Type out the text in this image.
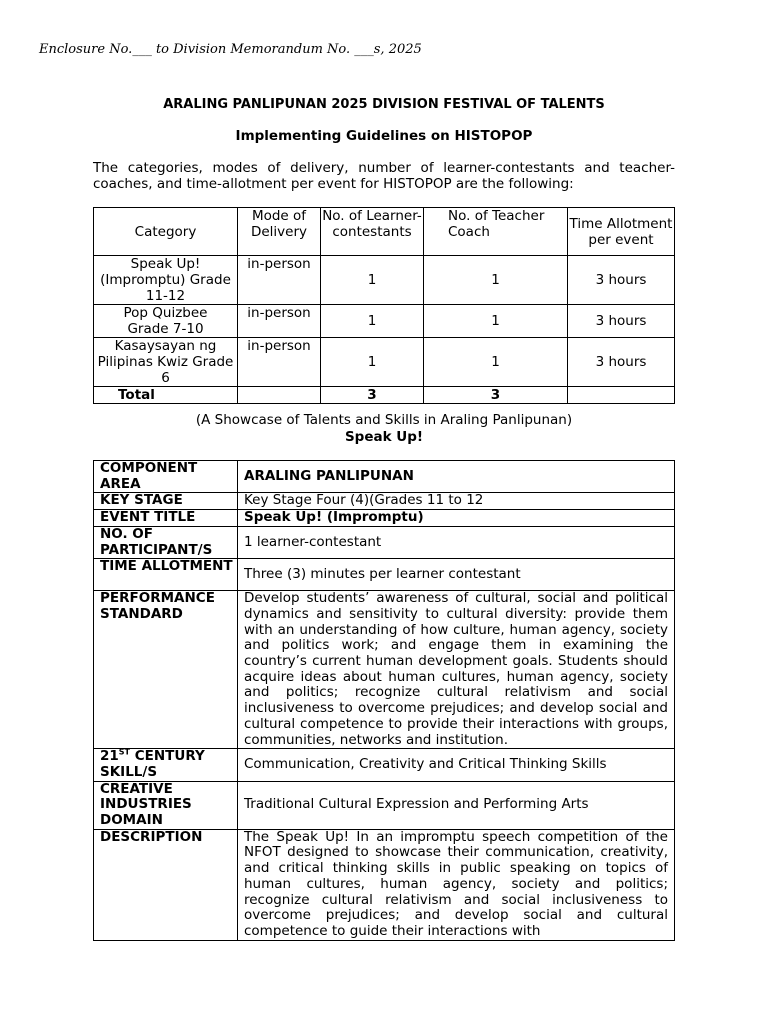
Enclosure No.___ to Division Memorandum No. ___s, 2025
ARALING PANLIPUNAN 2025 DIVISION FESTIVAL OF TALENTS
Implementing Guidelines on HISTOPOP
The categories, modes of delivery, number of learner-contestants and teacher-coaches, and time-allotment per event for HISTOPOP are the following:
Category	Mode of Delivery	No. of Learner-contestants	No. of Teacher Coach	Time Allotment per event
Speak Up! (Impromptu) Grade 11-12	in-person	1	1	3 hours
Pop Quizbee Grade 7-10	in-person	1	1	3 hours
Kasaysayan ng Pilipinas Kwiz Grade 6	in-person	1	1	3 hours
Total		3	3	
(A Showcase of Talents and Skills in Araling Panlipunan)
Speak Up!
COMPONENT AREA	ARALING PANLIPUNAN
KEY STAGE	Key Stage Four (4)(Grades 11 to 12
EVENT TITLE	Speak Up! (Impromptu)
NO. OF PARTICIPANT/S	1 learner-contestant
TIME ALLOTMENT	Three (3) minutes per learner contestant
PERFORMANCE STANDARD	Develop students’ awareness of cultural, social and political dynamics and sensitivity to cultural diversity: provide them with an understanding of how culture, human agency, society and politics work; and engage them in examining the country’s current human development goals. Students should acquire ideas about human cultures, human agency, society and politics; recognize cultural relativism and social inclusiveness to overcome prejudices; and develop social and cultural competence to provide their interactions with groups, communities, networks and institution.
21ST CENTURY SKILL/S	Communication, Creativity and Critical Thinking Skills
CREATIVE INDUSTRIES DOMAIN	Traditional Cultural Expression and Performing Arts
DESCRIPTION	The Speak Up! In an impromptu speech competition of the NFOT designed to showcase their communication, creativity, and critical thinking skills in public speaking on topics of human cultures, human agency, society and politics; recognize cultural relativism and social inclusiveness to overcome prejudices; and develop social and cultural competence to guide their interactions with
